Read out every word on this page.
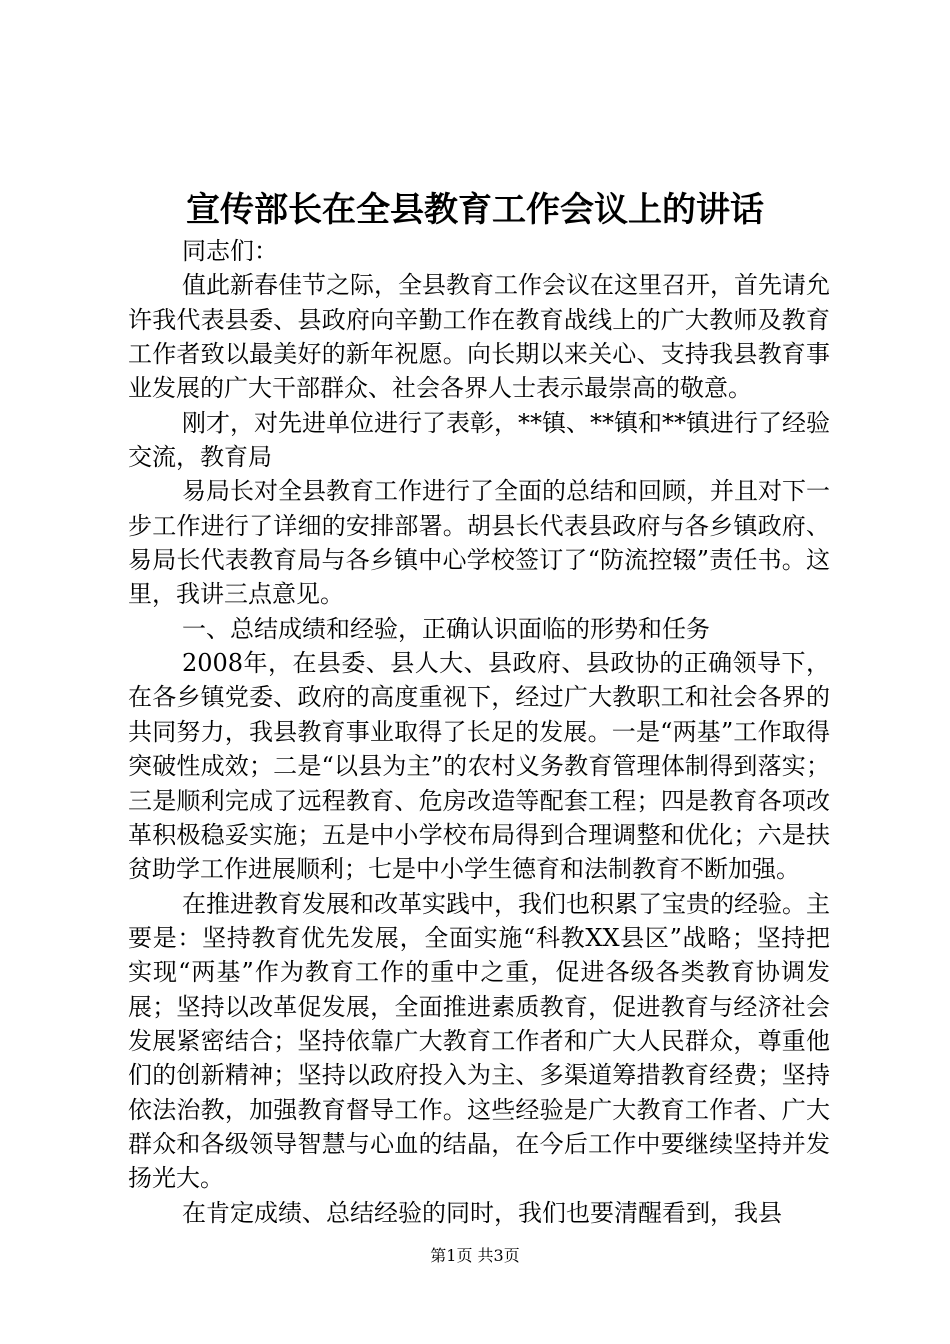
宣传部长在全县教育工作会议上的讲话

同志们：

值此新春佳节之际，全县教育工作会议在这里召开，首先请允许我代表县委、县政府向辛勤工作在教育战线上的广大教师及教育工作者致以最美好的新年祝愿。向长期以来关心、支持我县教育事业发展的广大干部群众、社会各界人士表示最崇高的敬意。

刚才，对先进单位进行了表彰，**镇、**镇和**镇进行了经验交流，教育局

易局长对全县教育工作进行了全面的总结和回顾，并且对下一步工作进行了详细的安排部署。胡县长代表县政府与各乡镇政府、易局长代表教育局与各乡镇中心学校签订了“防流控辍”责任书。这里，我讲三点意见。

一、总结成绩和经验，正确认识面临的形势和任务

2008年，在县委、县人大、县政府、县政协的正确领导下，在各乡镇党委、政府的高度重视下，经过广大教职工和社会各界的共同努力，我县教育事业取得了长足的发展。一是“两基”工作取得突破性成效；二是“以县为主”的农村义务教育管理体制得到落实；三是顺利完成了远程教育、危房改造等配套工程；四是教育各项改革积极稳妥实施；五是中小学校布局得到合理调整和优化；六是扶贫助学工作进展顺利；七是中小学生德育和法制教育不断加强。

在推进教育发展和改革实践中，我们也积累了宝贵的经验。主要是：坚持教育优先发展，全面实施“科教XX县区”战略；坚持把实现“两基”作为教育工作的重中之重，促进各级各类教育协调发展；坚持以改革促发展，全面推进素质教育，促进教育与经济社会发展紧密结合；坚持依靠广大教育工作者和广大人民群众，尊重他们的创新精神；坚持以政府投入为主、多渠道筹措教育经费；坚持依法治教，加强教育督导工作。这些经验是广大教育工作者、广大群众和各级领导智慧与心血的结晶，在今后工作中要继续坚持并发扬光大。

在肯定成绩、总结经验的同时，我们也要清醒看到，我县

第1页 共3页
